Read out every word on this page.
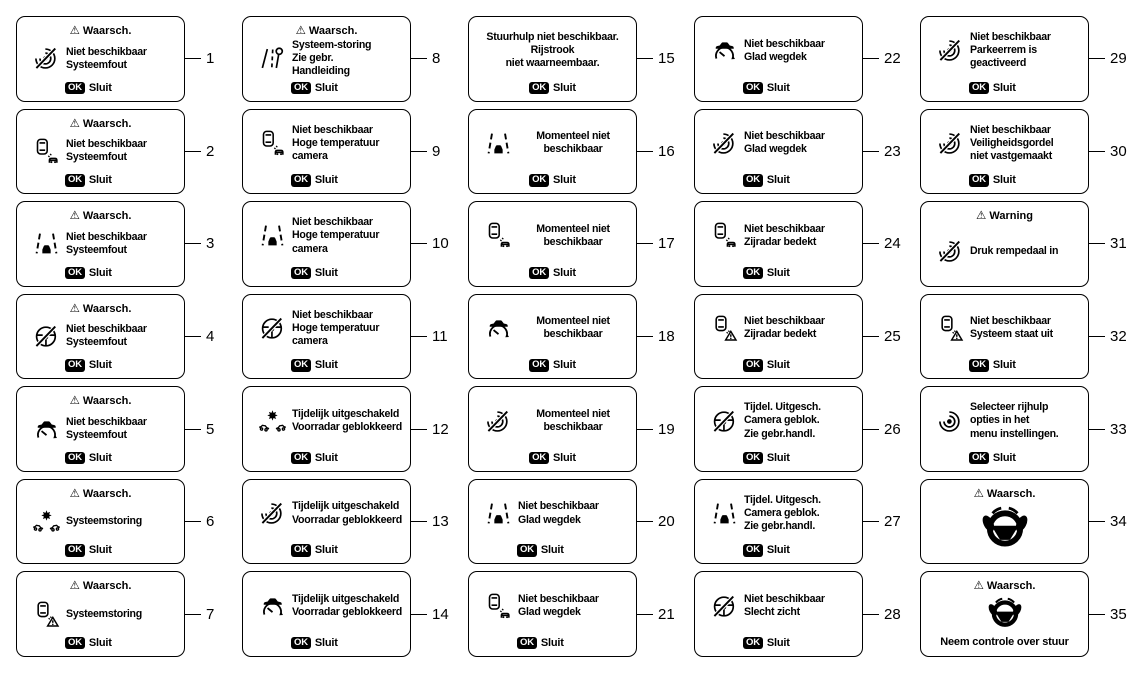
⚠ Waarsch.
Niet beschikbaar
Systeemfout
OK Sluit
1
⚠ Waarsch.
Niet beschikbaar
Systeemfout
OK Sluit
2
⚠ Waarsch.
Niet beschikbaar
Systeemfout
OK Sluit
3
⚠ Waarsch.
Niet beschikbaar
Systeemfout
OK Sluit
4
⚠ Waarsch.
Niet beschikbaar
Systeemfout
OK Sluit
5
⚠ Waarsch.
Systeemstoring
OK Sluit
6
⚠ Waarsch.
Systeemstoring
OK Sluit
7
⚠ Waarsch.
Systeem-storing
Zie gebr.
Handleiding
OK Sluit
8
Niet beschikbaar
Hoge temperatuur
camera
OK Sluit
9
Niet beschikbaar
Hoge temperatuur
camera
OK Sluit
10
Niet beschikbaar
Hoge temperatuur
camera
OK Sluit
11
Tijdelijk uitgeschakeld
Voorradar geblokkeerd
OK Sluit
12
Tijdelijk uitgeschakeld
Voorradar geblokkeerd
OK Sluit
13
Tijdelijk uitgeschakeld
Voorradar geblokkeerd
OK Sluit
14
Stuurhulp niet beschikbaar.
Rijstrook
niet waarneembaar.
OK Sluit
15
Momenteel niet
beschikbaar
OK Sluit
16
Momenteel niet
beschikbaar
OK Sluit
17
Momenteel niet
beschikbaar
OK Sluit
18
Momenteel niet
beschikbaar
OK Sluit
19
Niet beschikbaar
Glad wegdek
OK Sluit
20
Niet beschikbaar
Glad wegdek
OK Sluit
21
Niet beschikbaar
Glad wegdek
OK Sluit
22
Niet beschikbaar
Glad wegdek
OK Sluit
23
Niet beschikbaar
Zijradar bedekt
OK Sluit
24
Niet beschikbaar
Zijradar bedekt
OK Sluit
25
Tijdel. Uitgesch.
Camera geblok.
Zie gebr.handl.
OK Sluit
26
Tijdel. Uitgesch.
Camera geblok.
Zie gebr.handl.
OK Sluit
27
Niet beschikbaar
Slecht zicht
OK Sluit
28
Niet beschikbaar
Parkeerrem is
geactiveerd
OK Sluit
29
Niet beschikbaar
Veiligheidsgordel
niet vastgemaakt
OK Sluit
30
⚠ Warning
Druk rempedaal in	31
Niet beschikbaar
Systeem staat uit
OK Sluit
32
Selecteer rijhulp
opties in het
menu instellingen.
OK Sluit
33
⚠ Waarsch.
34
⚠ Waarsch.
Neem controle over stuur
35
